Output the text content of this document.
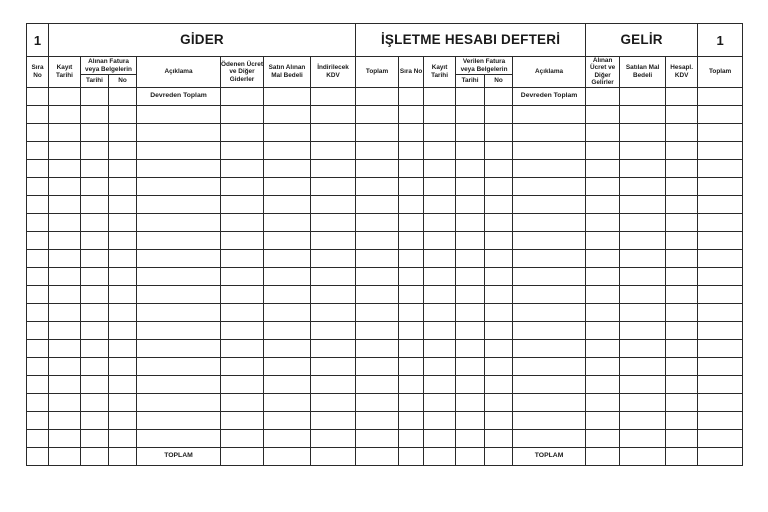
1	GİDER							İŞLETME HESABI DEFTERİ						GELİR			1
Sıra No	Kayıt Tarihi	Alınan Fatura veya Belgelerin		Açıklama	Ödenen Ücret ve Diğer Giderler	Satın Alınan Mal Bedeli	İndirilecek KDV	Toplam	Sıra No	Kayıt Tarihi	Verilen Fatura veya Belgelerin		Açıklama	Alınan Ücret ve Diğer Gelirler	Satılan Mal Bedeli	Hesapl. KDV	Toplam
		Tarihi	No								Tarihi	No					
				Devreden Toplam									Devreden Toplam				

				TOPLAM									TOPLAM				
